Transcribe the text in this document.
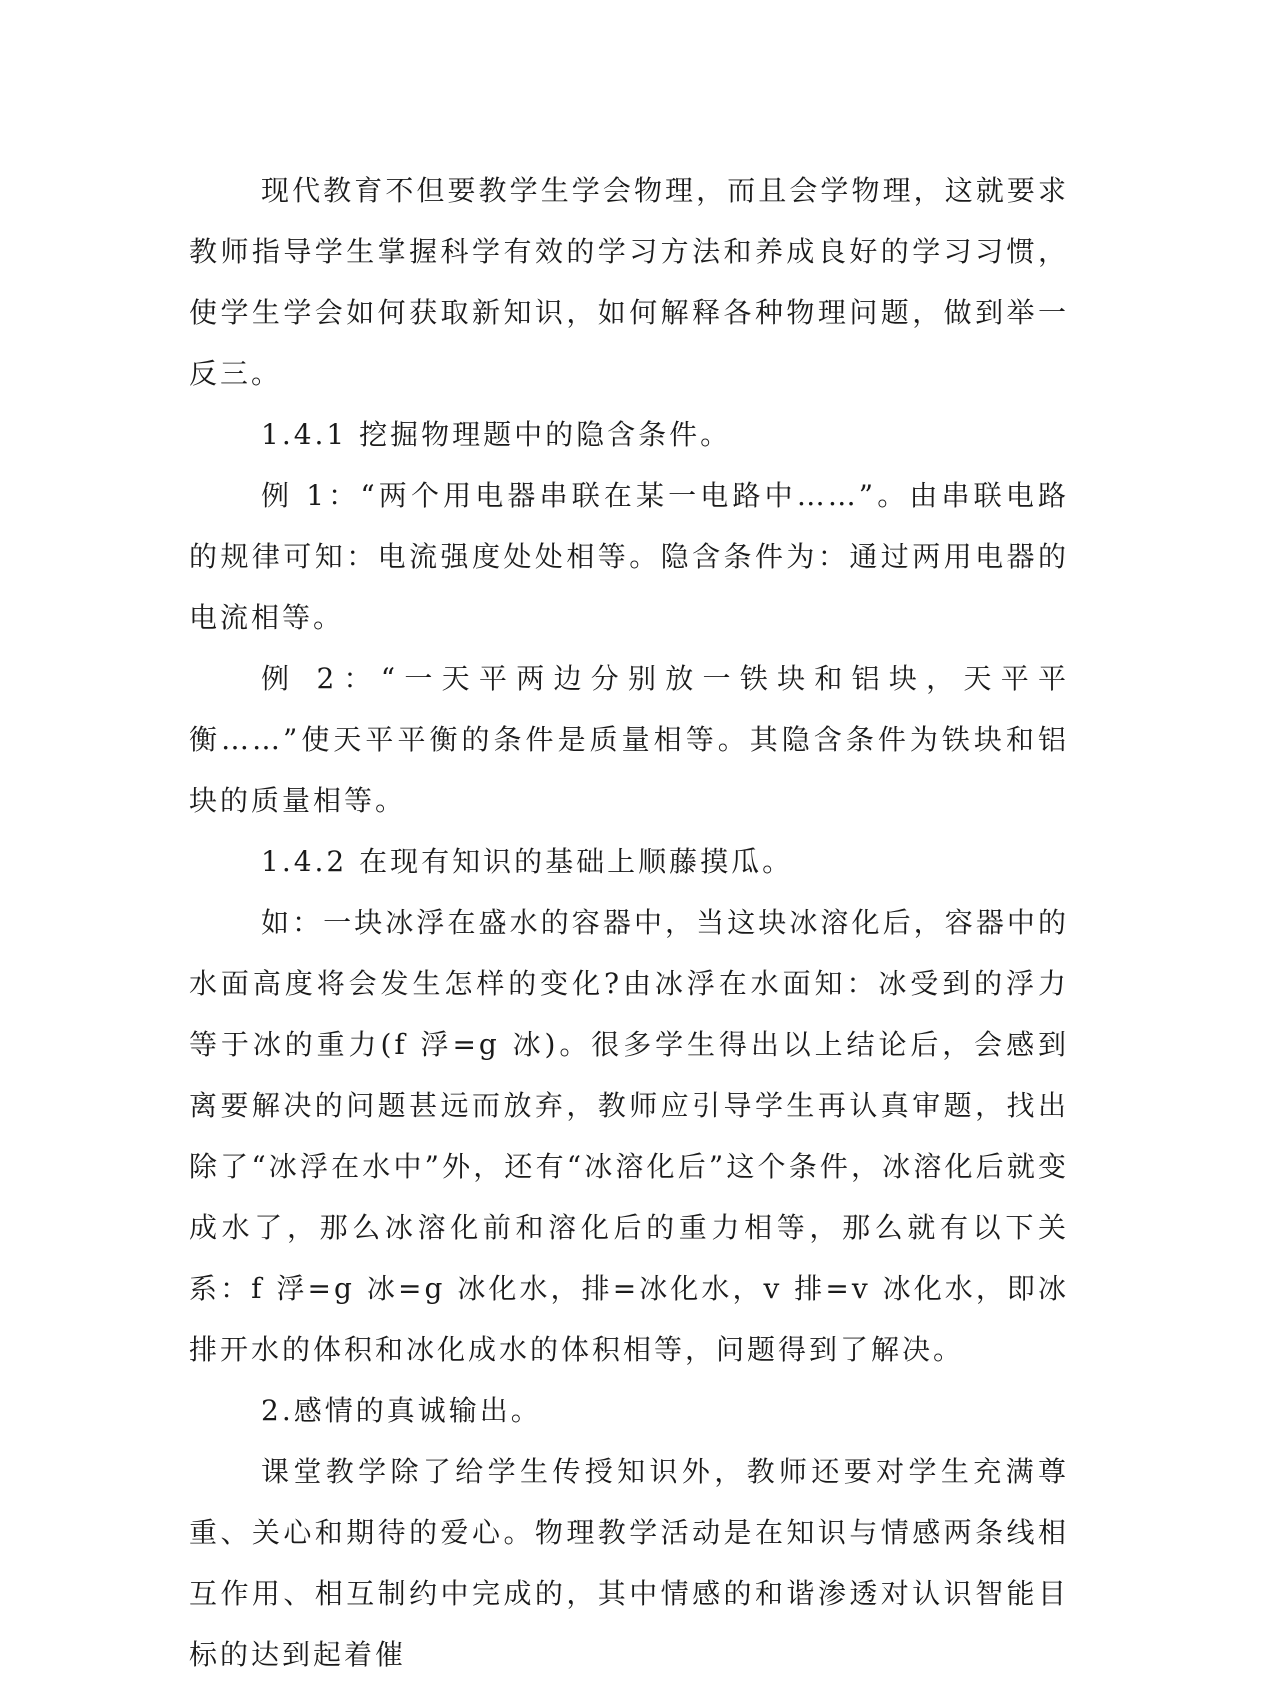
现代教育不但要教学生学会物理，而且会学物理，这就要求教师指导学生掌握科学有效的学习方法和养成良好的学习习惯，使学生学会如何获取新知识，如何解释各种物理问题，做到举一反三。

1.4.1 挖掘物理题中的隐含条件。

例 1：“两个用电器串联在某一电路中……”。由串联电路的规律可知：电流强度处处相等。隐含条件为：通过两用电器的电流相等。

例 2：“一天平两边分别放一铁块和铝块，天平平衡……”使天平平衡的条件是质量相等。其隐含条件为铁块和铝块的质量相等。

1.4.2 在现有知识的基础上顺藤摸瓜。

如：一块冰浮在盛水的容器中，当这块冰溶化后，容器中的水面高度将会发生怎样的变化?由冰浮在水面知：冰受到的浮力等于冰的重力(f 浮=g 冰)。很多学生得出以上结论后，会感到离要解决的问题甚远而放弃，教师应引导学生再认真审题，找出除了“冰浮在水中”外，还有“冰溶化后”这个条件，冰溶化后就变成水了，那么冰溶化前和溶化后的重力相等，那么就有以下关系：f 浮=g 冰=g 冰化水，排=冰化水，v 排=v 冰化水，即冰排开水的体积和冰化成水的体积相等，问题得到了解决。

2.感情的真诚输出。

课堂教学除了给学生传授知识外，教师还要对学生充满尊重、关心和期待的爱心。物理教学活动是在知识与情感两条线相互作用、相互制约中完成的，其中情感的和谐渗透对认识智能目标的达到起着催
